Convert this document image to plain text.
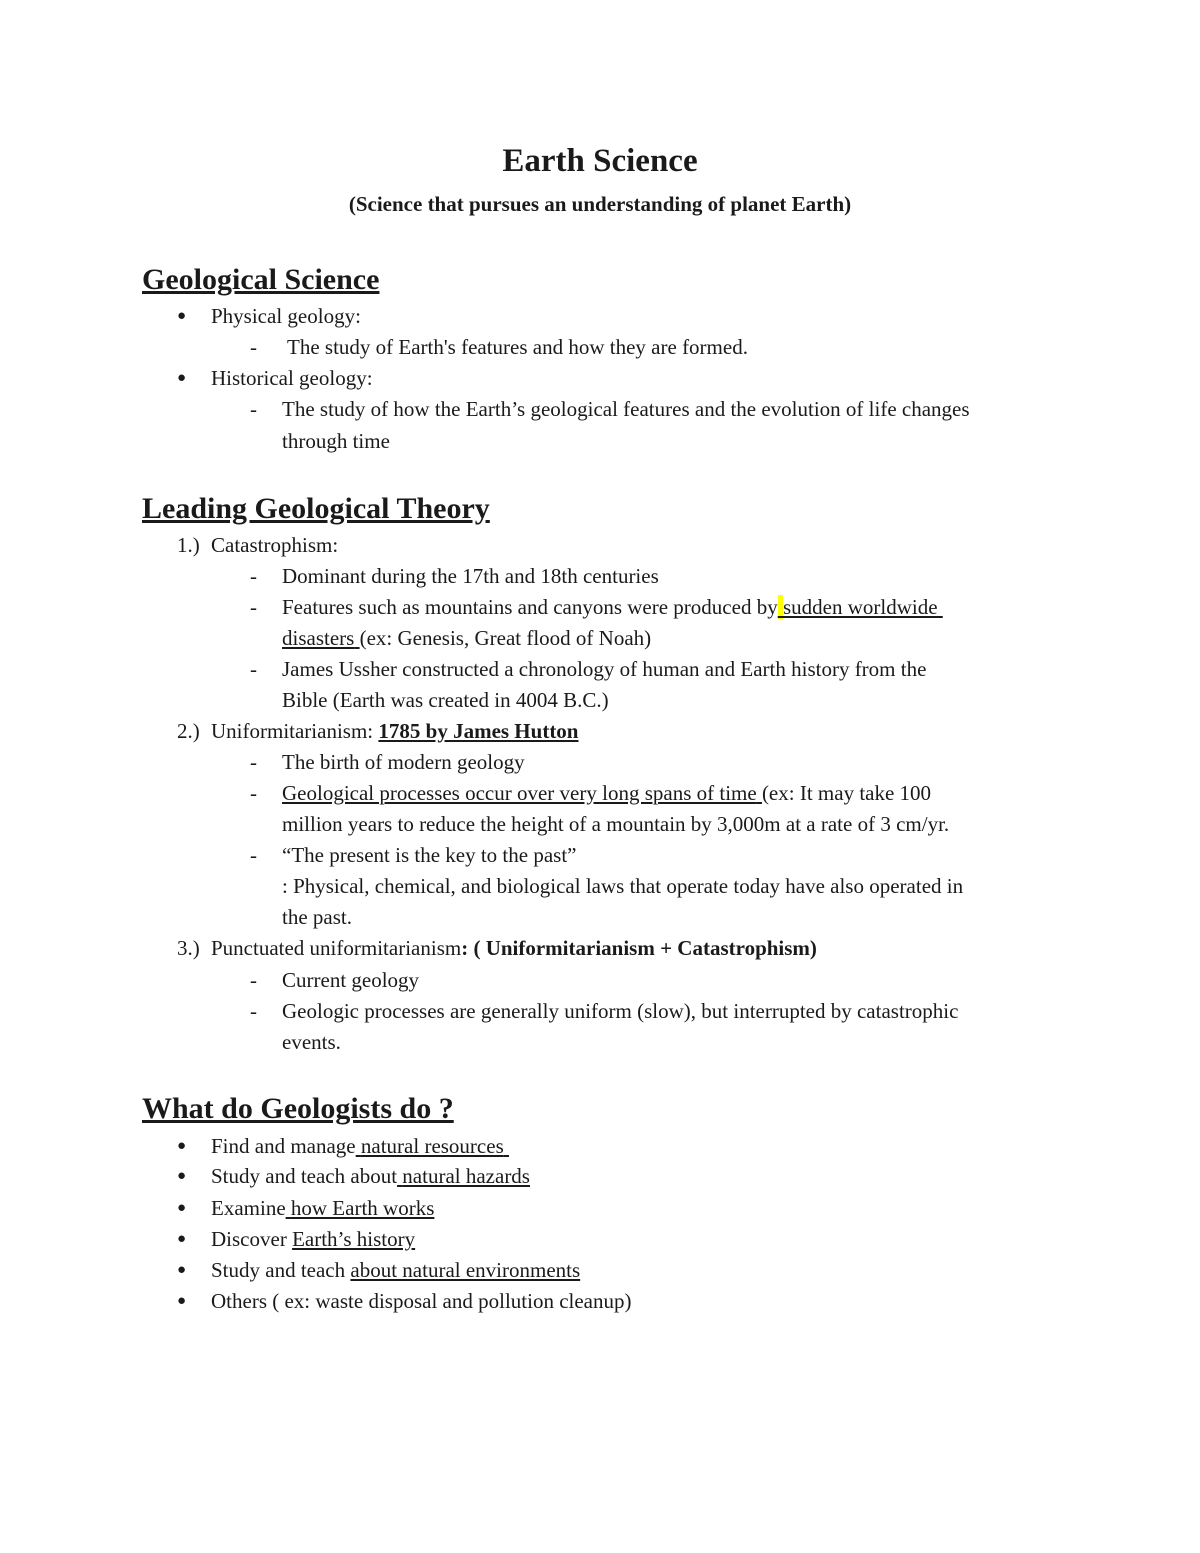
Earth Science
(Science that pursues an understanding of planet Earth)
Geological Science
● Physical geology:
- The study of Earth's features and how they are formed.
● Historical geology:
- The study of how the Earth’s geological features and the evolution of life changes
through time
Leading Geological Theory
1.) Catastrophism:
- Dominant during the 17th and 18th centuries
- Features such as mountains and canyons were produced by sudden worldwide
disasters (ex: Genesis, Great flood of Noah)
- James Ussher constructed a chronology of human and Earth history from the
Bible (Earth was created in 4004 B.C.)
2.) Uniformitarianism: 1785 by James Hutton
- The birth of modern geology
- Geological processes occur over very long spans of time (ex: It may take 100
million years to reduce the height of a mountain by 3,000m at a rate of 3 cm/yr.
- “The present is the key to the past”
: Physical, chemical, and biological laws that operate today have also operated in
the past.
3.) Punctuated uniformitarianism: ( Uniformitarianism + Catastrophism)
- Current geology
- Geologic processes are generally uniform (slow), but interrupted by catastrophic
events.
What do Geologists do ?
● Find and manage natural resources
● Study and teach about natural hazards
● Examine how Earth works
● Discover Earth’s history
● Study and teach about natural environments
● Others ( ex: waste disposal and pollution cleanup)
